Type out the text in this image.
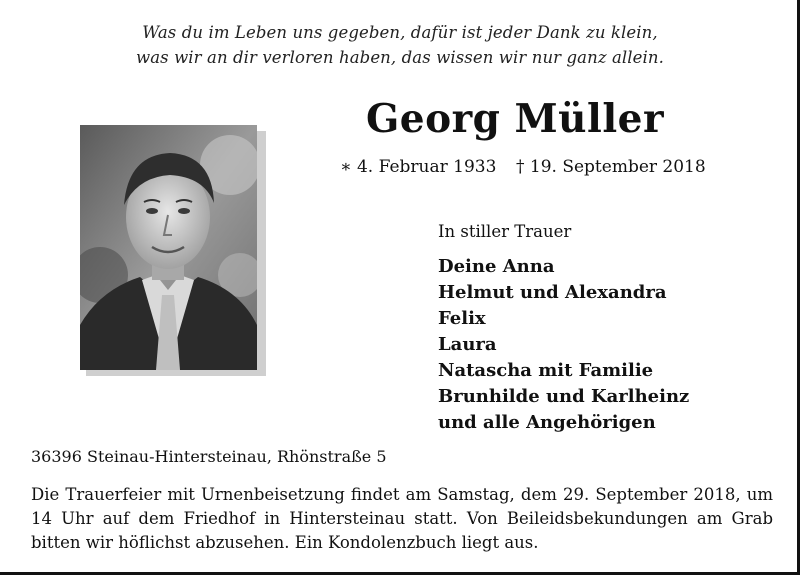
Was du im Leben uns gegeben, dafür ist jeder Dank zu klein,
was wir an dir verloren haben, das wissen wir nur ganz allein.
Georg Müller
∗ 4. Februar 1933 † 19. September 2018
In stiller Trauer
Deine Anna
Helmut und Alexandra
Felix
Laura
Natascha mit Familie
Brunhilde und Karlheinz
und alle Angehörigen
36396 Steinau-Hintersteinau, Rhönstraße 5
Die Trauerfeier mit Urnenbeisetzung findet am Samstag, dem 29. September 2018, um 14 Uhr auf dem Friedhof in Hintersteinau statt. Von Beileidsbekundungen am Grab bitten wir höflichst abzusehen. Ein Kondolenzbuch liegt aus.
